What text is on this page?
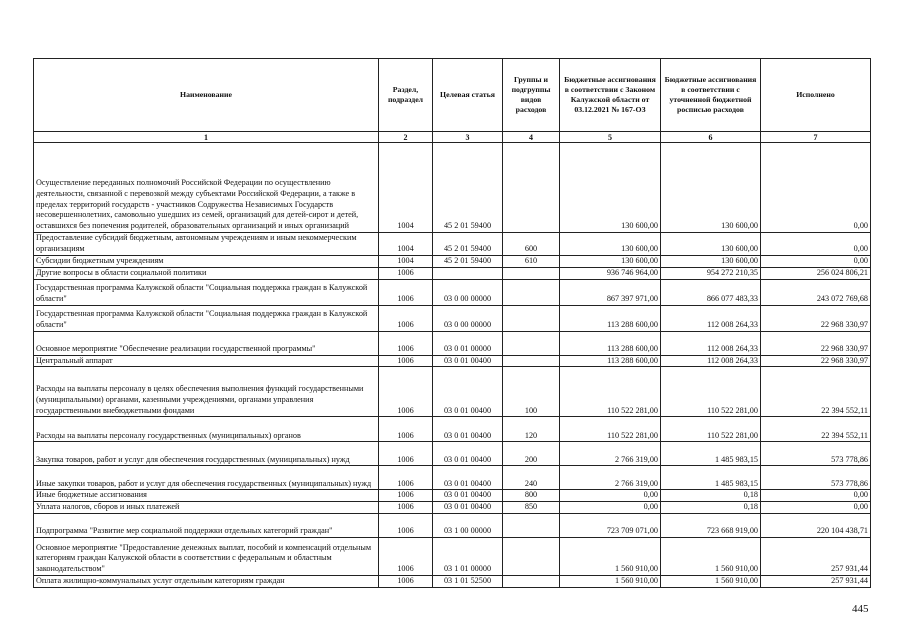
Наименование	Раздел, подраздел	Целевая статья	Группы и подгруппы видов расходов	Бюджетные ассигнования в соответствии с Законом Калужской области от 03.12.2021 № 167-ОЗ	Бюджетные ассигнования в соответствии с уточненной бюджетной росписью расходов	Исполнено
1	2	3	4	5	6	7
Осуществление переданных полномочий Российской Федерации по осуществлению деятельности, связанной с перевозкой между субъектами Российской Федерации, а также в пределах территорий государств - участников Содружества Независимых Государств несовершеннолетних, самовольно ушедших из семей, организаций для детей-сирот и детей, оставшихся без попечения родителей, образовательных организаций и иных организаций	1004	45 2 01 59400		130 600,00	130 600,00	0,00
Предоставление субсидий бюджетным, автономным учреждениям и иным некоммерческим организациям	1004	45 2 01 59400	600	130 600,00	130 600,00	0,00
Субсидии бюджетным учреждениям	1004	45 2 01 59400	610	130 600,00	130 600,00	0,00
Другие вопросы в области социальной политики	1006			936 746 964,00	954 272 210,35	256 024 806,21
Государственная программа Калужской области "Социальная поддержка граждан в Калужской области"	1006	03 0 00 00000		867 397 971,00	866 077 483,33	243 072 769,68
Государственная программа Калужской области "Социальная поддержка граждан в Калужской области"	1006	03 0 00 00000		113 288 600,00	112 008 264,33	22 968 330,97
Основное мероприятие "Обеспечение реализации государственной программы"	1006	03 0 01 00000		113 288 600,00	112 008 264,33	22 968 330,97
Центральный аппарат	1006	03 0 01 00400		113 288 600,00	112 008 264,33	22 968 330,97
Расходы на выплаты персоналу в целях обеспечения выполнения функций государственными (муниципальными) органами, казенными учреждениями, органами управления государственными внебюджетными фондами	1006	03 0 01 00400	100	110 522 281,00	110 522 281,00	22 394 552,11
Расходы на выплаты персоналу государственных (муниципальных) органов	1006	03 0 01 00400	120	110 522 281,00	110 522 281,00	22 394 552,11
Закупка товаров, работ и услуг для обеспечения государственных (муниципальных) нужд	1006	03 0 01 00400	200	2 766 319,00	1 485 983,15	573 778,86
Иные закупки товаров, работ и услуг для обеспечения государственных (муниципальных) нужд	1006	03 0 01 00400	240	2 766 319,00	1 485 983,15	573 778,86
Иные бюджетные ассигнования	1006	03 0 01 00400	800	0,00	0,18	0,00
Уплата налогов, сборов и иных платежей	1006	03 0 01 00400	850	0,00	0,18	0,00
Подпрограмма "Развитие мер социальной поддержки отдельных категорий граждан"	1006	03 1 00 00000		723 709 071,00	723 668 919,00	220 104 438,71
Основное мероприятие "Предоставление денежных выплат, пособий и компенсаций отдельным категориям граждан Калужской области в соответствии с федеральным и областным законодательством"	1006	03 1 01 00000		1 560 910,00	1 560 910,00	257 931,44
Оплата жилищно-коммунальных услуг отдельным категориям граждан	1006	03 1 01 52500		1 560 910,00	1 560 910,00	257 931,44
445
